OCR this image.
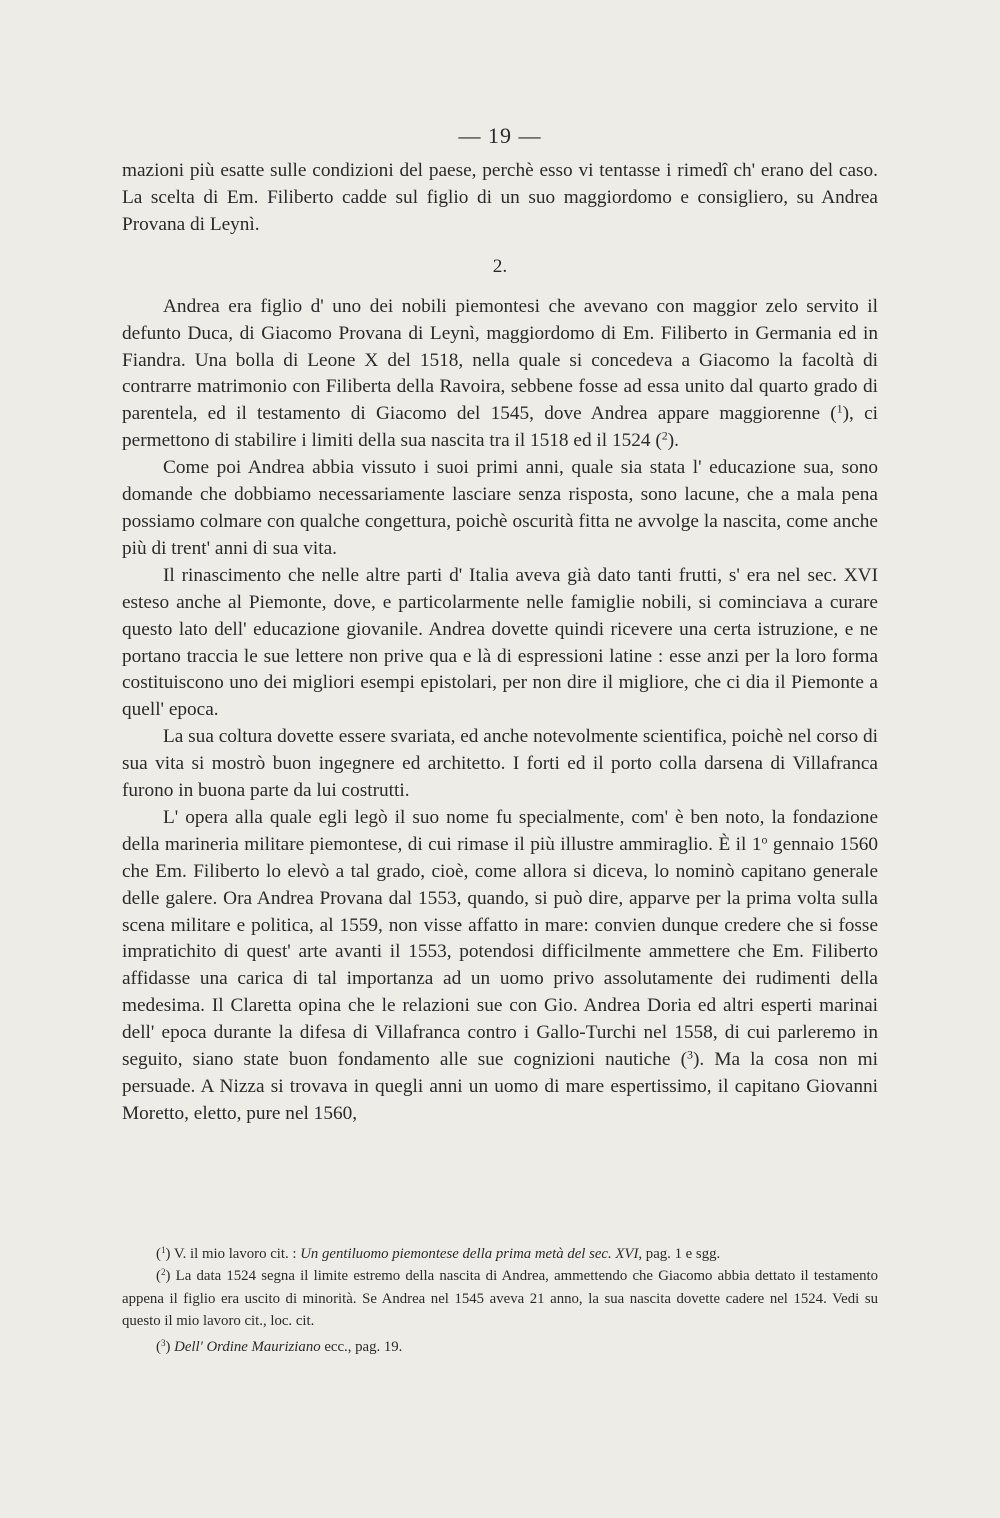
— 19 —

mazioni più esatte sulle condizioni del paese, perchè esso vi tentasse i rimedî ch' erano del caso. La scelta di Em. Filiberto cadde sul figlio di un suo maggiordomo e consigliero, su Andrea Provana di Leynì.

2.

Andrea era figlio d' uno dei nobili piemontesi che avevano con maggior zelo servito il defunto Duca, di Giacomo Provana di Leynì, maggiordomo di Em. Filiberto in Germania ed in Fiandra. Una bolla di Leone X del 1518, nella quale si concedeva a Giacomo la facoltà di contrarre matrimonio con Filiberta della Ravoira, sebbene fosse ad essa unito dal quarto grado di parentela, ed il testamento di Giacomo del 1545, dove Andrea appare maggiorenne ($^1$), ci permettono di stabilire i limiti della sua nascita tra il 1518 ed il 1524 ($^2$).

Come poi Andrea abbia vissuto i suoi primi anni, quale sia stata l' educazione sua, sono domande che dobbiamo necessariamente lasciare senza risposta, sono lacune, che a mala pena possiamo colmare con qualche congettura, poichè oscurità fitta ne avvolge la nascita, come anche più di trent' anni di sua vita.

Il rinascimento che nelle altre parti d' Italia aveva già dato tanti frutti, s' era nel sec. XVI esteso anche al Piemonte, dove, e particolarmente nelle famiglie nobili, si cominciava a curare questo lato dell' educazione giovanile. Andrea dovette quindi ricevere una certa istruzione, e ne portano traccia le sue lettere non prive qua e là di espressioni latine : esse anzi per la loro forma costituiscono uno dei migliori esempi epistolari, per non dire il migliore, che ci dia il Piemonte a quell' epoca.

La sua coltura dovette essere svariata, ed anche notevolmente scientifica, poichè nel corso di sua vita si mostrò buon ingegnere ed architetto. I forti ed il porto colla darsena di Villafranca furono in buona parte da lui costrutti.

L' opera alla quale egli legò il suo nome fu specialmente, com' è ben noto, la fondazione della marineria militare piemontese, di cui rimase il più illustre ammiraglio. È il 1$^o$ gennaio 1560 che Em. Filiberto lo elevò a tal grado, cioè, come allora si diceva, lo nominò capitano generale delle galere. Ora Andrea Provana dal 1553, quando, si può dire, apparve per la prima volta sulla scena militare e politica, al 1559, non visse affatto in mare: convien dunque credere che si fosse impratichito di quest' arte avanti il 1553, potendosi difficilmente ammettere che Em. Filiberto affidasse una carica di tal importanza ad un uomo privo assolutamente dei rudimenti della medesima. Il Claretta opina che le relazioni sue con Gio. Andrea Doria ed altri esperti marinai dell' epoca durante la difesa di Villafranca contro i Gallo-Turchi nel 1558, di cui parleremo in seguito, siano state buon fondamento alle sue cognizioni nautiche ($^3$). Ma la cosa non mi persuade. A Nizza si trovava in quegli anni un uomo di mare espertissimo, il capitano Giovanni Moretto, eletto, pure nel 1560,

($^1$) V. il mio lavoro cit. : Un gentiluomo piemontese della prima metà del sec. XVI, pag. 1 e sgg.

($^2$) La data 1524 segna il limite estremo della nascita di Andrea, ammettendo che Giacomo abbia dettato il testamento appena il figlio era uscito di minorità. Se Andrea nel 1545 aveva 21 anno, la sua nascita dovette cadere nel 1524. Vedi su questo il mio lavoro cit., loc. cit.

($^3$) Dell' Ordine Mauriziano ecc., pag. 19.
